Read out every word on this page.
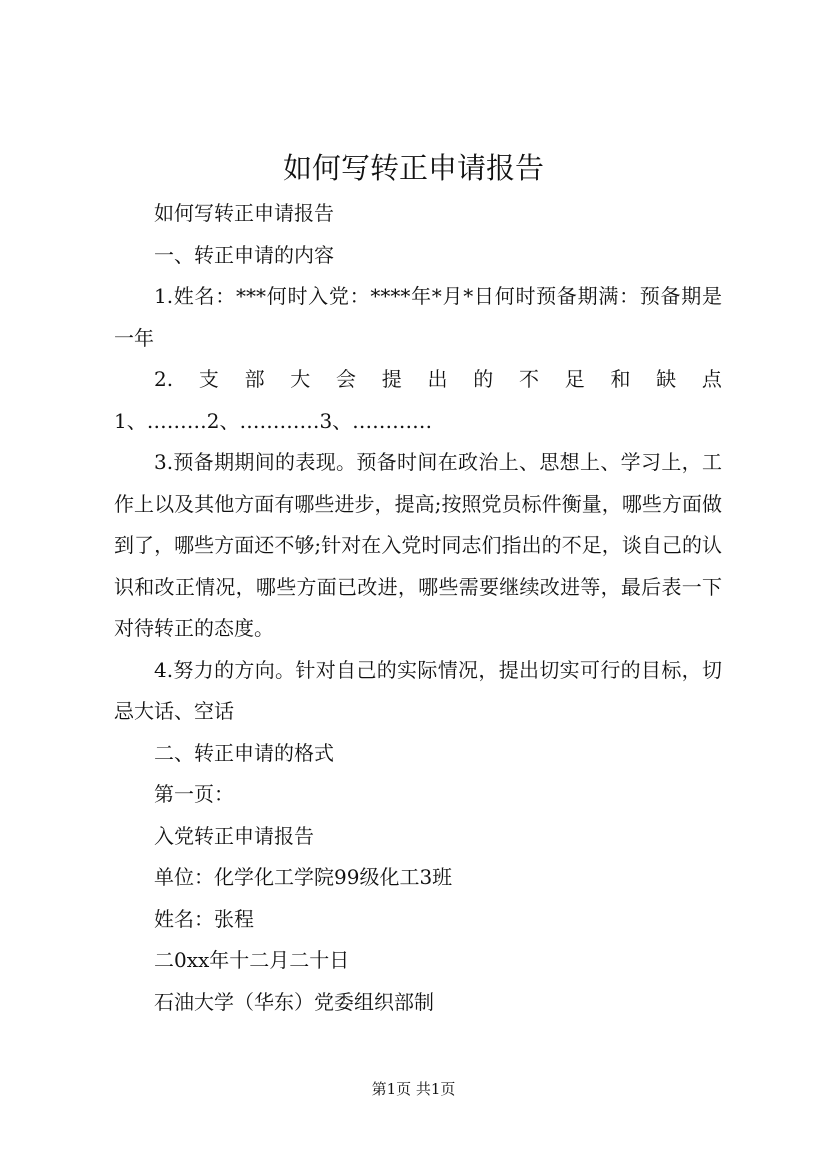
如何写转正申请报告

如何写转正申请报告

一、转正申请的内容

1.姓名：***何时入党：****年*月*日何时预备期满：预备期是一年

2. 支 部 大 会 提 出 的 不 足 和 缺 点

1、………2、…………3、…………

3.预备期期间的表现。预备时间在政治上、思想上、学习上，工作上以及其他方面有哪些进步，提高;按照党员标件衡量，哪些方面做到了，哪些方面还不够;针对在入党时同志们指出的不足，谈自己的认识和改正情况，哪些方面已改进，哪些需要继续改进等，最后表一下对待转正的态度。

4.努力的方向。针对自己的实际情况，提出切实可行的目标，切忌大话、空话

二、转正申请的格式

第一页：

入党转正申请报告

单位：化学化工学院99级化工3班

姓名：张程

二0xx年十二月二十日

石油大学（华东）党委组织部制

第1页 共1页
